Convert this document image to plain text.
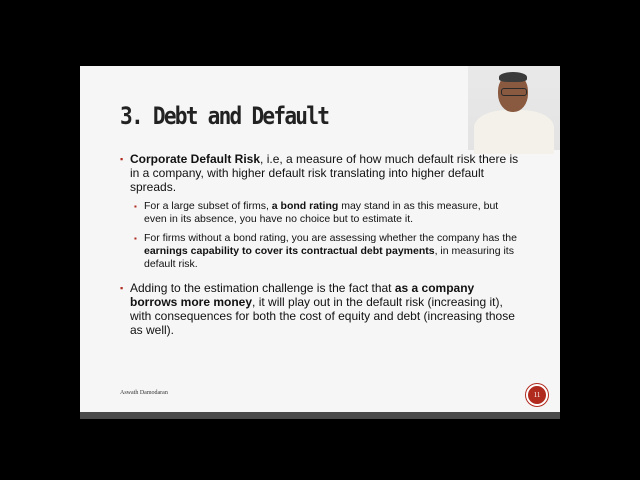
3. Debt and Default

▪ Corporate Default Risk, i.e, a measure of how much default risk there is in a company, with higher default risk translating into higher default spreads.

▪ For a large subset of firms, a bond rating may stand in as this measure, but even in its absence, you have no choice but to estimate it.

▪ For firms without a bond rating, you are assessing whether the company has the earnings capability to cover its contractual debt payments, in measuring its default risk.

▪ Adding to the estimation challenge is the fact that as a company borrows more money, it will play out in the default risk (increasing it), with consequences for both the cost of equity and debt (increasing those as well).

Aswath Damodaran	11
